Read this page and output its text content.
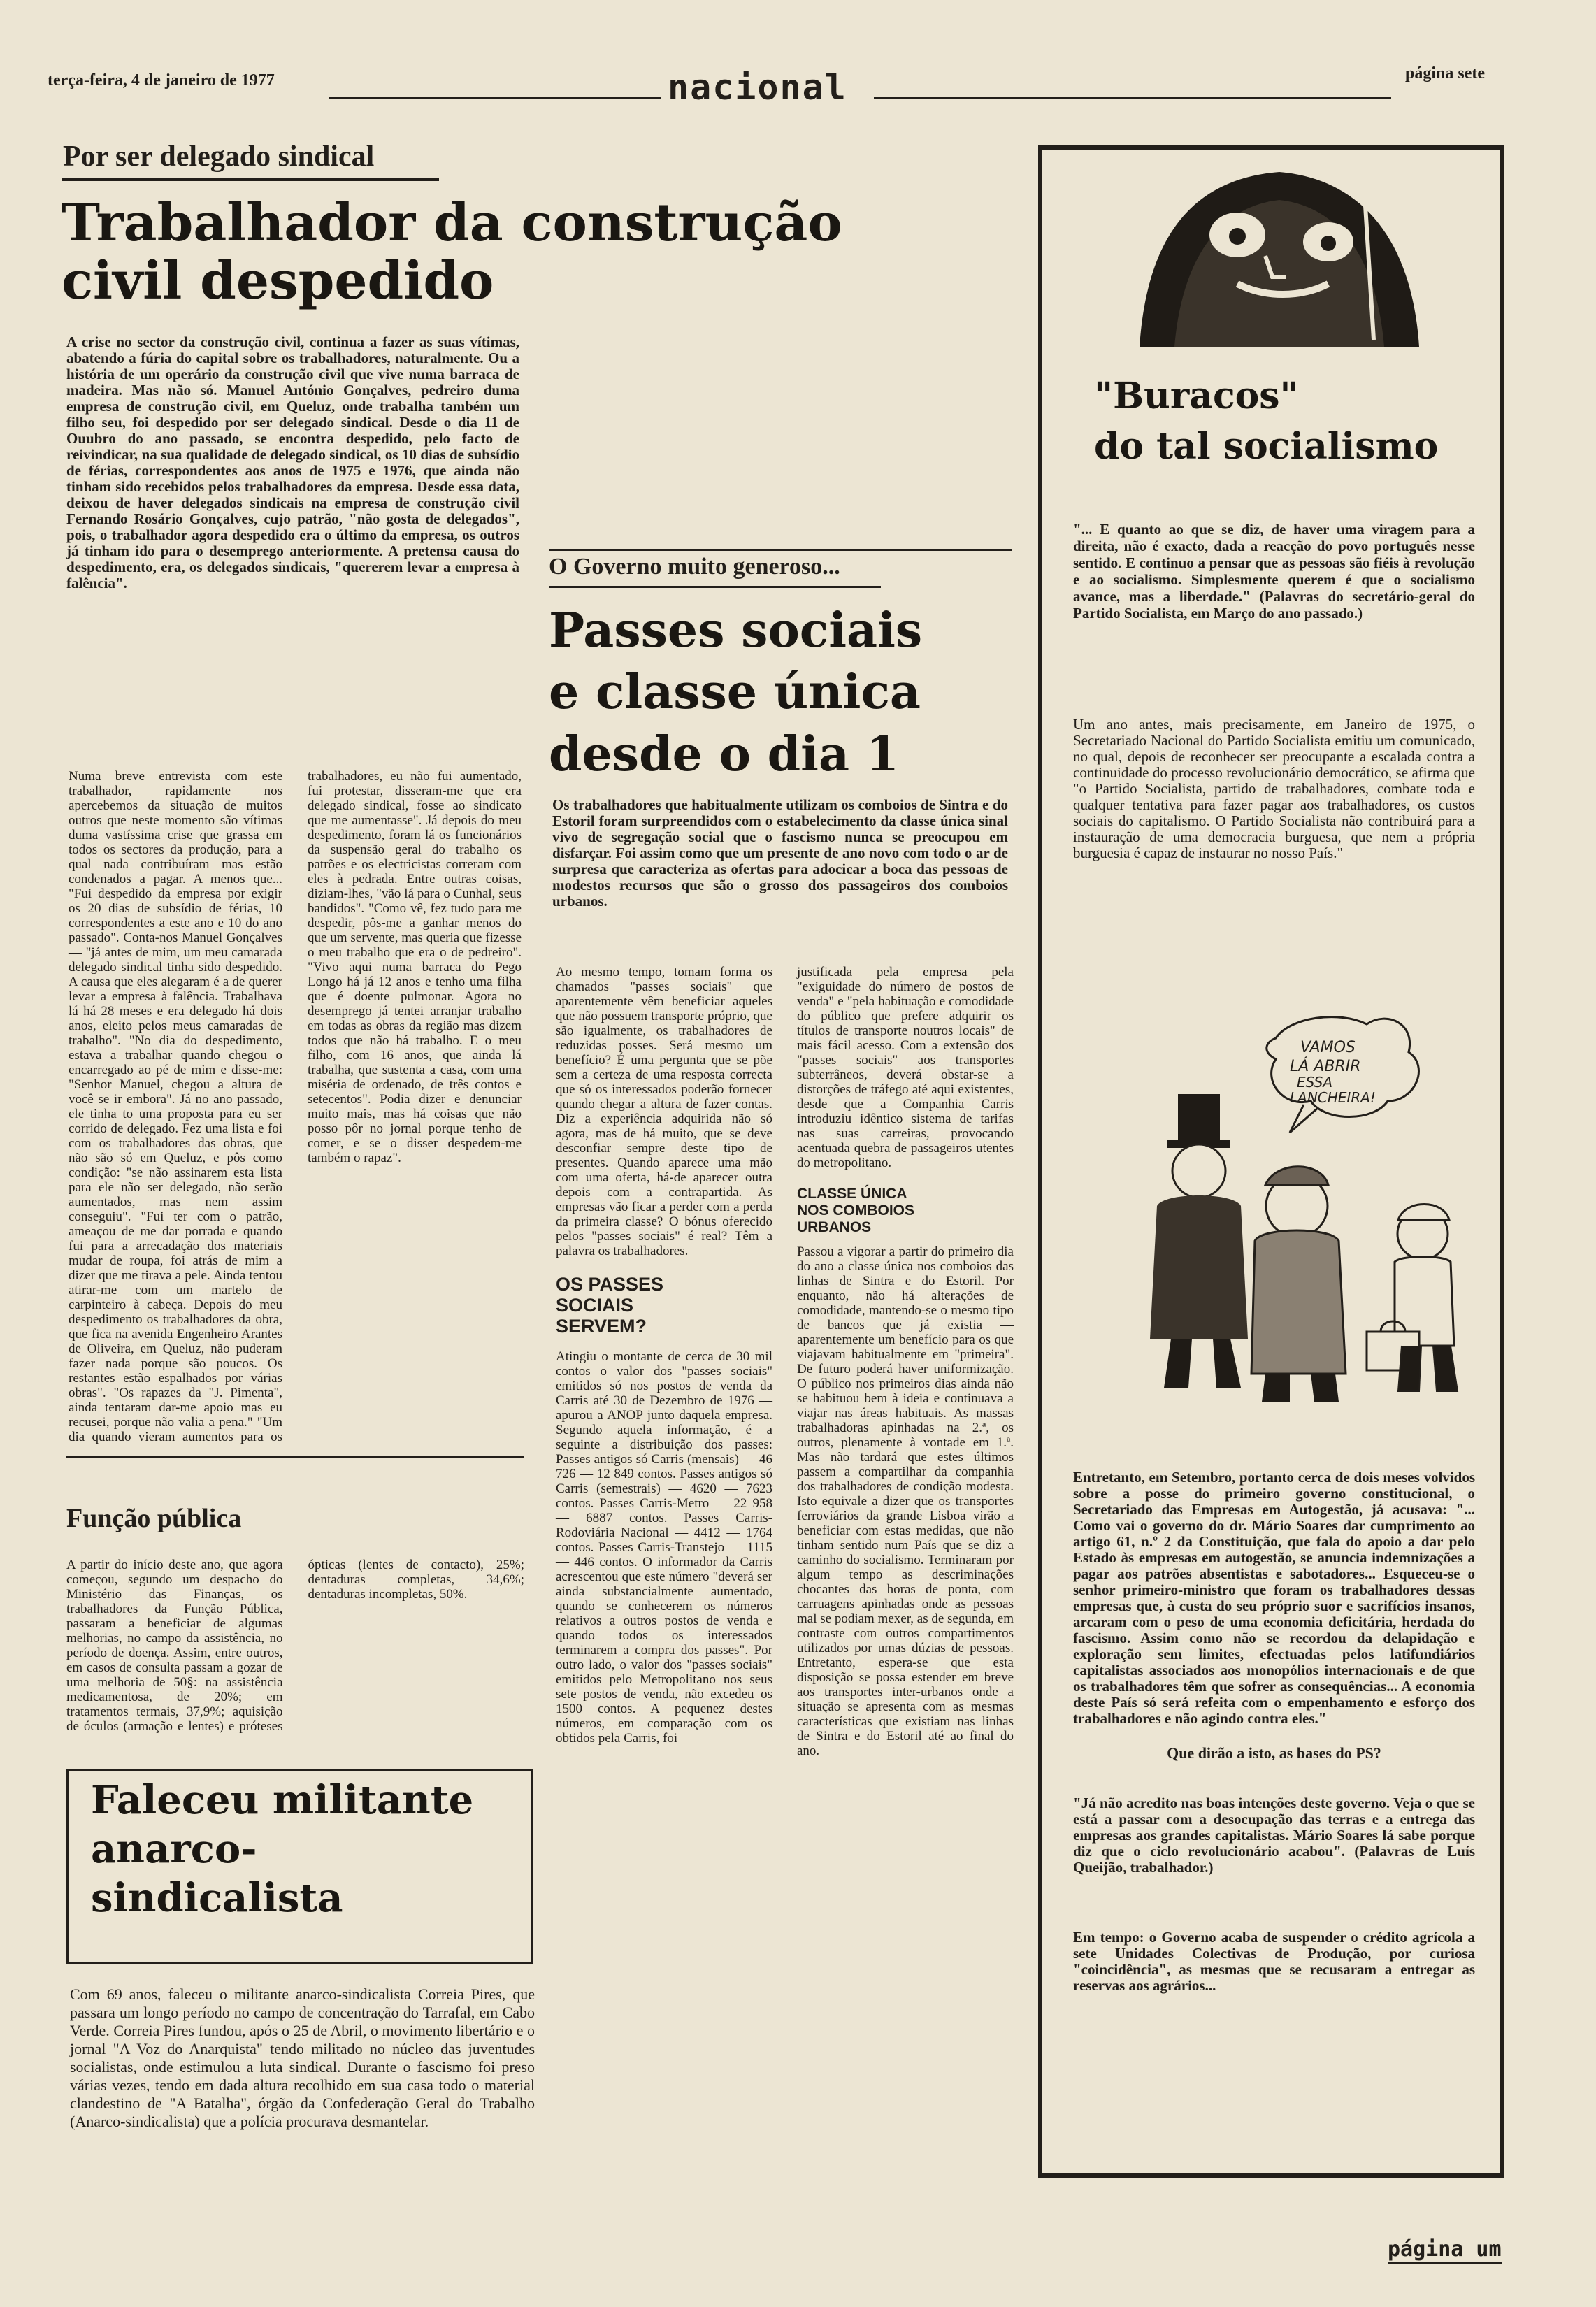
terça-feira, 4 de janeiro de 1977	nacional	página sete
Por ser delegado sindical
Trabalhador da construção civil despedido
A crise no sector da construção civil, continua a fazer as suas vítimas, abatendo a fúria do capital sobre os trabalhadores, naturalmente. Ou a história de um operário da construção civil que vive numa barraca de madeira. Mas não só. Manuel António Gonçalves, pedreiro duma empresa de construção civil, em Queluz, onde trabalha também um filho seu, foi despedido por ser delegado sindical. Desde o dia 11 de Ouubro do ano passado, se encontra despedido, pelo facto de reivindicar, na sua qualidade de delegado sindical, os 10 dias de subsídio de férias, correspondentes aos anos de 1975 e 1976, que ainda não tinham sido recebidos pelos trabalhadores da empresa. Desde essa data, deixou de haver delegados sindicais na empresa de construção civil Fernando Rosário Gonçalves, cujo patrão, "não gosta de delegados", pois, o trabalhador agora despedido era o último da empresa, os outros já tinham ido para o desemprego anteriormente. A pretensa causa do despedimento, era, os delegados sindicais, "quererem levar a empresa à falência".
Numa breve entrevista com este trabalhador, rapidamente nos apercebemos da situação de muitos outros que neste momento são vítimas duma vastíssima crise que grassa em todos os sectores da produção, para a qual nada contribuíram mas estão condenados a pagar. A menos que... "Fui despedido da empresa por exigir os 20 dias de subsídio de férias, 10 correspondentes a este ano e 10 do ano passado". Conta-nos Manuel Gonçalves — "já antes de mim, um meu camarada delegado sindical tinha sido despedido. A causa que eles alegaram é a de querer levar a empresa à falência. Trabalhava lá há 28 meses e era delegado há dois anos, eleito pelos meus camaradas de trabalho". "No dia do despedimento, estava a trabalhar quando chegou o encarregado ao pé de mim e disse-me: "Senhor Manuel, chegou a altura de você se ir embora". Já no ano passado, ele tinha to uma proposta para eu ser corrido de delegado. Fez uma lista e foi com os trabalhadores das obras, que não são só em Queluz, e pôs como condição: "se não assinarem esta lista para ele não ser delegado, não serão aumentados, mas nem assim conseguiu". "Fui ter com o patrão, ameaçou de me dar porrada e quando fui para a arrecadação dos materiais mudar de roupa, foi atrás de mim a dizer que me tirava a pele. Ainda tentou atirar-me com um martelo de carpinteiro à cabeça. Depois do meu despedimento os trabalhadores da obra, que fica na avenida Engenheiro Arantes de Oliveira, em Queluz, não puderam fazer nada porque são poucos. Os restantes estão espalhados por várias obras". "Os rapazes da "J. Pimenta", ainda tentaram dar-me apoio mas eu recusei, porque não valia a pena." "Um dia quando vieram aumentos para os trabalhadores, eu não fui aumentado, fui protestar, disseram-me que era delegado sindical, fosse ao sindicato que me aumentasse". Já depois do meu despedimento, foram lá os funcionários da suspensão geral do trabalho os patrões e os electricistas correram com eles à pedrada. Entre outras coisas, diziam-lhes, "vão lá para o Cunhal, seus bandidos". "Como vê, fez tudo para me despedir, pôs-me a ganhar menos do que um servente, mas queria que fizesse o meu trabalho que era o de pedreiro". "Vivo aqui numa barraca do Pego Longo há já 12 anos e tenho uma filha que é doente pulmonar. Agora no desemprego já tentei arranjar trabalho em todas as obras da região mas dizem todos que não há trabalho. E o meu filho, com 16 anos, que ainda lá trabalha, que sustenta a casa, com uma miséria de ordenado, de três contos e setecentos". Podia dizer e denunciar muito mais, mas há coisas que não posso pôr no jornal porque tenho de comer, e se o disser despedem-me também o rapaz".
Função pública
A partir do início deste ano, que agora começou, segundo um despacho do Ministério das Finanças, os trabalhadores da Função Pública, passaram a beneficiar de algumas melhorias, no campo da assistência, no período de doença. Assim, entre outros, em casos de consulta passam a gozar de uma melhoria de 50§: na assistência medicamentosa, de 20%; em tratamentos termais, 37,9%; aquisição de óculos (armação e lentes) e próteses ópticas (lentes de contacto), 25%; dentaduras completas, 34,6%; dentaduras incompletas, 50%.
Faleceu militante anarco-sindicalista
Com 69 anos, faleceu o militante anarco-sindicalista Correia Pires, que passara um longo período no campo de concentração do Tarrafal, em Cabo Verde. Correia Pires fundou, após o 25 de Abril, o movimento libertário e o jornal "A Voz do Anarquista" tendo militado no núcleo das juventudes socialistas, onde estimulou a luta sindical. Durante o fascismo foi preso várias vezes, tendo em dada altura recolhido em sua casa todo o material clandestino de "A Batalha", órgão da Confederação Geral do Trabalho (Anarco-sindicalista) que a polícia procurava desmantelar.
O Governo muito generoso...
Passes sociais e classe única desde o dia 1
Os trabalhadores que habitualmente utilizam os comboios de Sintra e do Estoril foram surpreendidos com o estabelecimento da classe única sinal vivo de segregação social que o fascismo nunca se preocupou em disfarçar. Foi assim como que um presente de ano novo com todo o ar de surpresa que caracteriza as ofertas para adocicar a boca das pessoas de modestos recursos que são o grosso dos passageiros dos comboios urbanos.
Ao mesmo tempo, tomam forma os chamados "passes sociais" que aparentemente vêm beneficiar aqueles que não possuem transporte próprio, que são igualmente, os trabalhadores de reduzidas posses. Será mesmo um benefício? É uma pergunta que se põe sem a certeza de uma resposta correcta que só os interessados poderão fornecer quando chegar a altura de fazer contas. Diz a experiência adquirida não só agora, mas de há muito, que se deve desconfiar sempre deste tipo de presentes. Quando aparece uma mão com uma oferta, há-de aparecer outra depois com a contrapartida. As empresas vão ficar a perder com a perda da primeira classe? O bónus oferecido pelos "passes sociais" é real? Têm a palavra os trabalhadores.
OS PASSES SOCIAIS SERVEM?
Atingiu o montante de cerca de 30 mil contos o valor dos "passes sociais" emitidos só nos postos de venda da Carris até 30 de Dezembro de 1976 — apurou a ANOP junto daquela empresa. Segundo aquela informação, é a seguinte a distribuição dos passes: Passes antigos só Carris (mensais) — 46 726 — 12 849 contos. Passes antigos só Carris (semestrais) — 4620 — 7623 contos. Passes Carris-Metro — 22 958 — 6887 contos. Passes Carris-Rodoviária Nacional — 4412 — 1764 contos. Passes Carris-Transtejo — 1115 — 446 contos. O informador da Carris acrescentou que este número "deverá ser ainda substancialmente aumentado, quando se conhecerem os números relativos a outros postos de venda e quando todos os interessados terminarem a compra dos passes". Por outro lado, o valor dos "passes sociais" emitidos pelo Metropolitano nos seus sete postos de venda, não excedeu os 1500 contos. A pequenez destes números, em comparação com os obtidos pela Carris, foi
justificada pela empresa pela "exiguidade do número de postos de venda" e "pela habituação e comodidade do público que prefere adquirir os títulos de transporte noutros locais" de mais fácil acesso. Com a extensão dos "passes sociais" aos transportes subterrâneos, deverá obstar-se a distorções de tráfego até aqui existentes, desde que a Companhia Carris introduziu idêntico sistema de tarifas nas suas carreiras, provocando acentuada quebra de passageiros utentes do metropolitano.
CLASSE ÚNICA NOS COMBOIOS URBANOS
Passou a vigorar a partir do primeiro dia do ano a classe única nos comboios das linhas de Sintra e do Estoril. Por enquanto, não há alterações de comodidade, mantendo-se o mesmo tipo de bancos que já existia — aparentemente um benefício para os que viajavam habitualmente em "primeira". De futuro poderá haver uniformização. O público nos primeiros dias ainda não se habituou bem à ideia e continuava a viajar nas áreas habituais. As massas trabalhadoras apinhadas na 2.ª, os outros, plenamente à vontade em 1.ª. Mas não tardará que estes últimos passem a compartilhar da companhia dos trabalhadores de condição modesta. Isto equivale a dizer que os transportes ferroviários da grande Lisboa virão a beneficiar com estas medidas, que não tinham sentido num País que se diz a caminho do socialismo. Terminaram por algum tempo as descriminações chocantes das horas de ponta, com carruagens apinhadas onde as pessoas mal se podiam mexer, as de segunda, em contraste com outros compartimentos utilizados por umas dúzias de pessoas. Entretanto, espera-se que esta disposição se possa estender em breve aos transportes inter-urbanos onde a situação se apresenta com as mesmas características que existiam nas linhas de Sintra e do Estoril até ao final do ano.
"Buracos"
do tal socialismo
"... E quanto ao que se diz, de haver uma viragem para a direita, não é exacto, dada a reacção do povo português nesse sentido. E continuo a pensar que as pessoas são fiéis à revolução e ao socialismo. Simplesmente querem é que o socialismo avance, mas a liberdade." (Palavras do secretário-geral do Partido Socialista, em Março do ano passado.)
Um ano antes, mais precisamente, em Janeiro de 1975, o Secretariado Nacional do Partido Socialista emitiu um comunicado, no qual, depois de reconhecer ser preocupante a escalada contra a continuidade do processo revolucionário democrático, se afirma que "o Partido Socialista, partido de trabalhadores, combate toda e qualquer tentativa para fazer pagar aos trabalhadores, os custos sociais do capitalismo. O Partido Socialista não contribuirá para a instauração de uma democracia burguesa, que nem a própria burguesia é capaz de instaurar no nosso País."
VAMOS
LÁ ABRIR
ESSA
LANCHEIRA!
Entretanto, em Setembro, portanto cerca de dois meses volvidos sobre a posse do primeiro governo constitucional, o Secretariado das Empresas em Autogestão, já acusava: "... Como vai o governo do dr. Mário Soares dar cumprimento ao artigo 61, n.º 2 da Constituição, que fala do apoio a dar pelo Estado às empresas em autogestão, se anuncia indemnizações a pagar aos patrões absentistas e sabotadores... Esqueceu-se o senhor primeiro-ministro que foram os trabalhadores dessas empresas que, à custa do seu próprio suor e sacrifícios insanos, arcaram com o peso de uma economia deficitária, herdada do fascismo. Assim como não se recordou da delapidação e exploração sem limites, efectuadas pelos latifundiários capitalistas associados aos monopólios internacionais e de que os trabalhadores têm que sofrer as consequências... A economia deste País só será refeita com o empenhamento e esforço dos trabalhadores e não agindo contra eles."
Que dirão a isto, as bases do PS?
"Já não acredito nas boas intenções deste governo. Veja o que se está a passar com a desocupação das terras e a entrega das empresas aos grandes capitalistas. Mário Soares lá sabe porque diz que o ciclo revolucionário acabou". (Palavras de Luís Queijão, trabalhador.)
Em tempo: o Governo acaba de suspender o crédito agrícola a sete Unidades Colectivas de Produção, por curiosa "coincidência", as mesmas que se recusaram a entregar as reservas aos agrários...
página um
